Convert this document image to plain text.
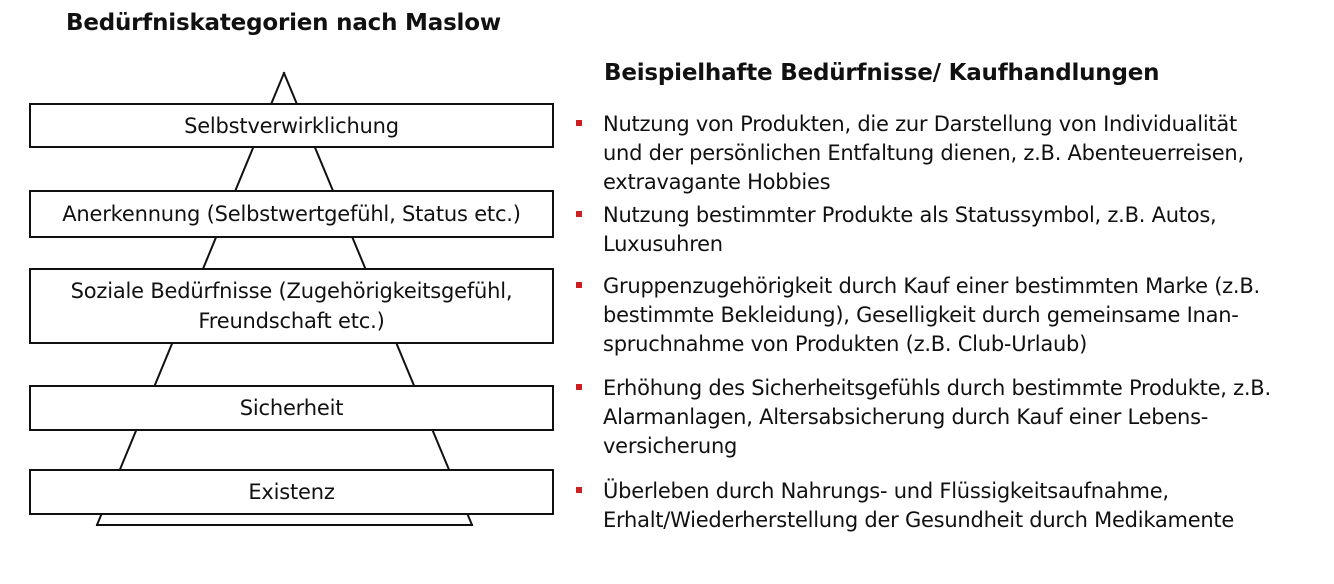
Bedürfniskategorien nach Maslow
Beispielhafte Bedürfnisse/ Kaufhandlungen
Selbstverwirklichung
Anerkennung (Selbstwertgefühl, Status etc.)
Soziale Bedürfnisse (Zugehörigkeitsgefühl,
Freundschaft etc.)
Sicherheit
Existenz
Nutzung von Produkten, die zur Darstellung von Individualität
und der persönlichen Entfaltung dienen, z.B. Abenteuerreisen,
extravagante Hobbies
Nutzung bestimmter Produkte als Statussymbol, z.B. Autos,
Luxusuhren
Gruppenzugehörigkeit durch Kauf einer bestimmten Marke (z.B.
bestimmte Bekleidung), Geselligkeit durch gemeinsame Inan-
spruchnahme von Produkten (z.B. Club-Urlaub)
Erhöhung des Sicherheitsgefühls durch bestimmte Produkte, z.B.
Alarmanlagen, Altersabsicherung durch Kauf einer Lebens-
versicherung
Überleben durch Nahrungs- und Flüssigkeitsaufnahme,
Erhalt/Wiederherstellung der Gesundheit durch Medikamente
